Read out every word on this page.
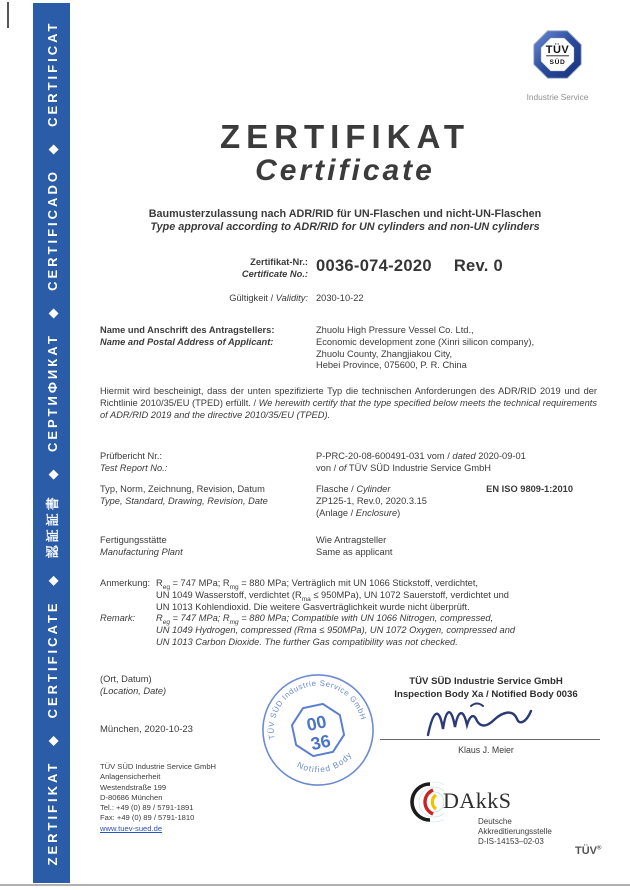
ZERTIFIKAT ◆ CERTIFICATE ◆ 認証証書 ◆ СЕРТИФИКАТ ◆ CERTIFICADO ◆ CERTIFICAT	TÜV
SÜD
Industrie Service
ZERTIFIKAT
Certificate
Baumusterzulassung nach ADR/RID für UN-Flaschen und nicht-UN-Flaschen
Type approval according to ADR/RID for UN cylinders and non-UN cylinders
Zertifikat-Nr.:
Certificate No.: 0036-074-2020 Rev. 0
Gültigkeit / Validity: 2030-10-22
Name und Anschrift des Antragstellers:
Name and Postal Address of Applicant:
Zhuolu High Pressure Vessel Co. Ltd.,
Economic development zone (Xinri silicon company),
Zhuolu County, Zhangjiakou City,
Hebei Province, 075600, P. R. China
Hiermit wird bescheinigt, dass der unten spezifizierte Typ die technischen Anforderungen des ADR/RID 2019 und der Richtlinie 2010/35/EU (TPED) erfüllt. / We herewith certify that the type specified below meets the technical requirements of ADR/RID 2019 and the directive 2010/35/EU (TPED).
Prüfbericht Nr.:
Test Report No.:
P-PRC-20-08-600491-031 vom / dated 2020-09-01
von / of TÜV SÜD Industrie Service GmbH
Typ, Norm, Zeichnung, Revision, Datum
Type, Standard, Drawing, Revision, Date
Flasche / Cylinder
ZP125-1, Rev.0, 2020.3.15
(Anlage / Enclosure)
EN ISO 9809-1:2010
Fertigungsstätte
Manufacturing Plant
Wie Antragsteller
Same as applicant
Anmerkung:
Remark:
$R_{eg} = 747$ MPa; $R_{mg} = 880$ MPa; Verträglich mit UN 1066 Stickstoff, verdichtet,
UN 1049 Wasserstoff, verdichtet $(R_{ma} \le 950MPa)$, UN 1072 Sauerstoff, verdichtet und
UN 1013 Kohlendioxid. Die weitere Gasverträglichkeit wurde nicht überprüft.
$R_{eg} = 747$ MPa; $R_{mg} = 880$ MPa; Compatible with UN 1066 Nitrogen, compressed,
UN 1049 Hydrogen, compressed (Rma ≤ 950MPa), UN 1072 Oxygen, compressed and
UN 1013 Carbon Dioxide. The further Gas compatibility was not checked.
(Ort, Datum)
(Location, Date)
München, 2020-10-23
TÜV SÜD Industrie Service GmbH
Anlagensicherheit
Westendstraße 199
D-80686 München
Tel.: +49 (0) 89 / 5791-1891
Fax: +49 (0) 89 / 5791-1810
www.tuev-sued.de
TÜV SÜD Industrie Service GmbH
Notified Body
00
36
TÜV SÜD Industrie Service GmbH
Inspection Body Xa / Notified Body 0036
Klaus J. Meier
DAkkS
Deutsche
Akkreditierungsstelle
D-IS-14153–02-03
TÜV®
